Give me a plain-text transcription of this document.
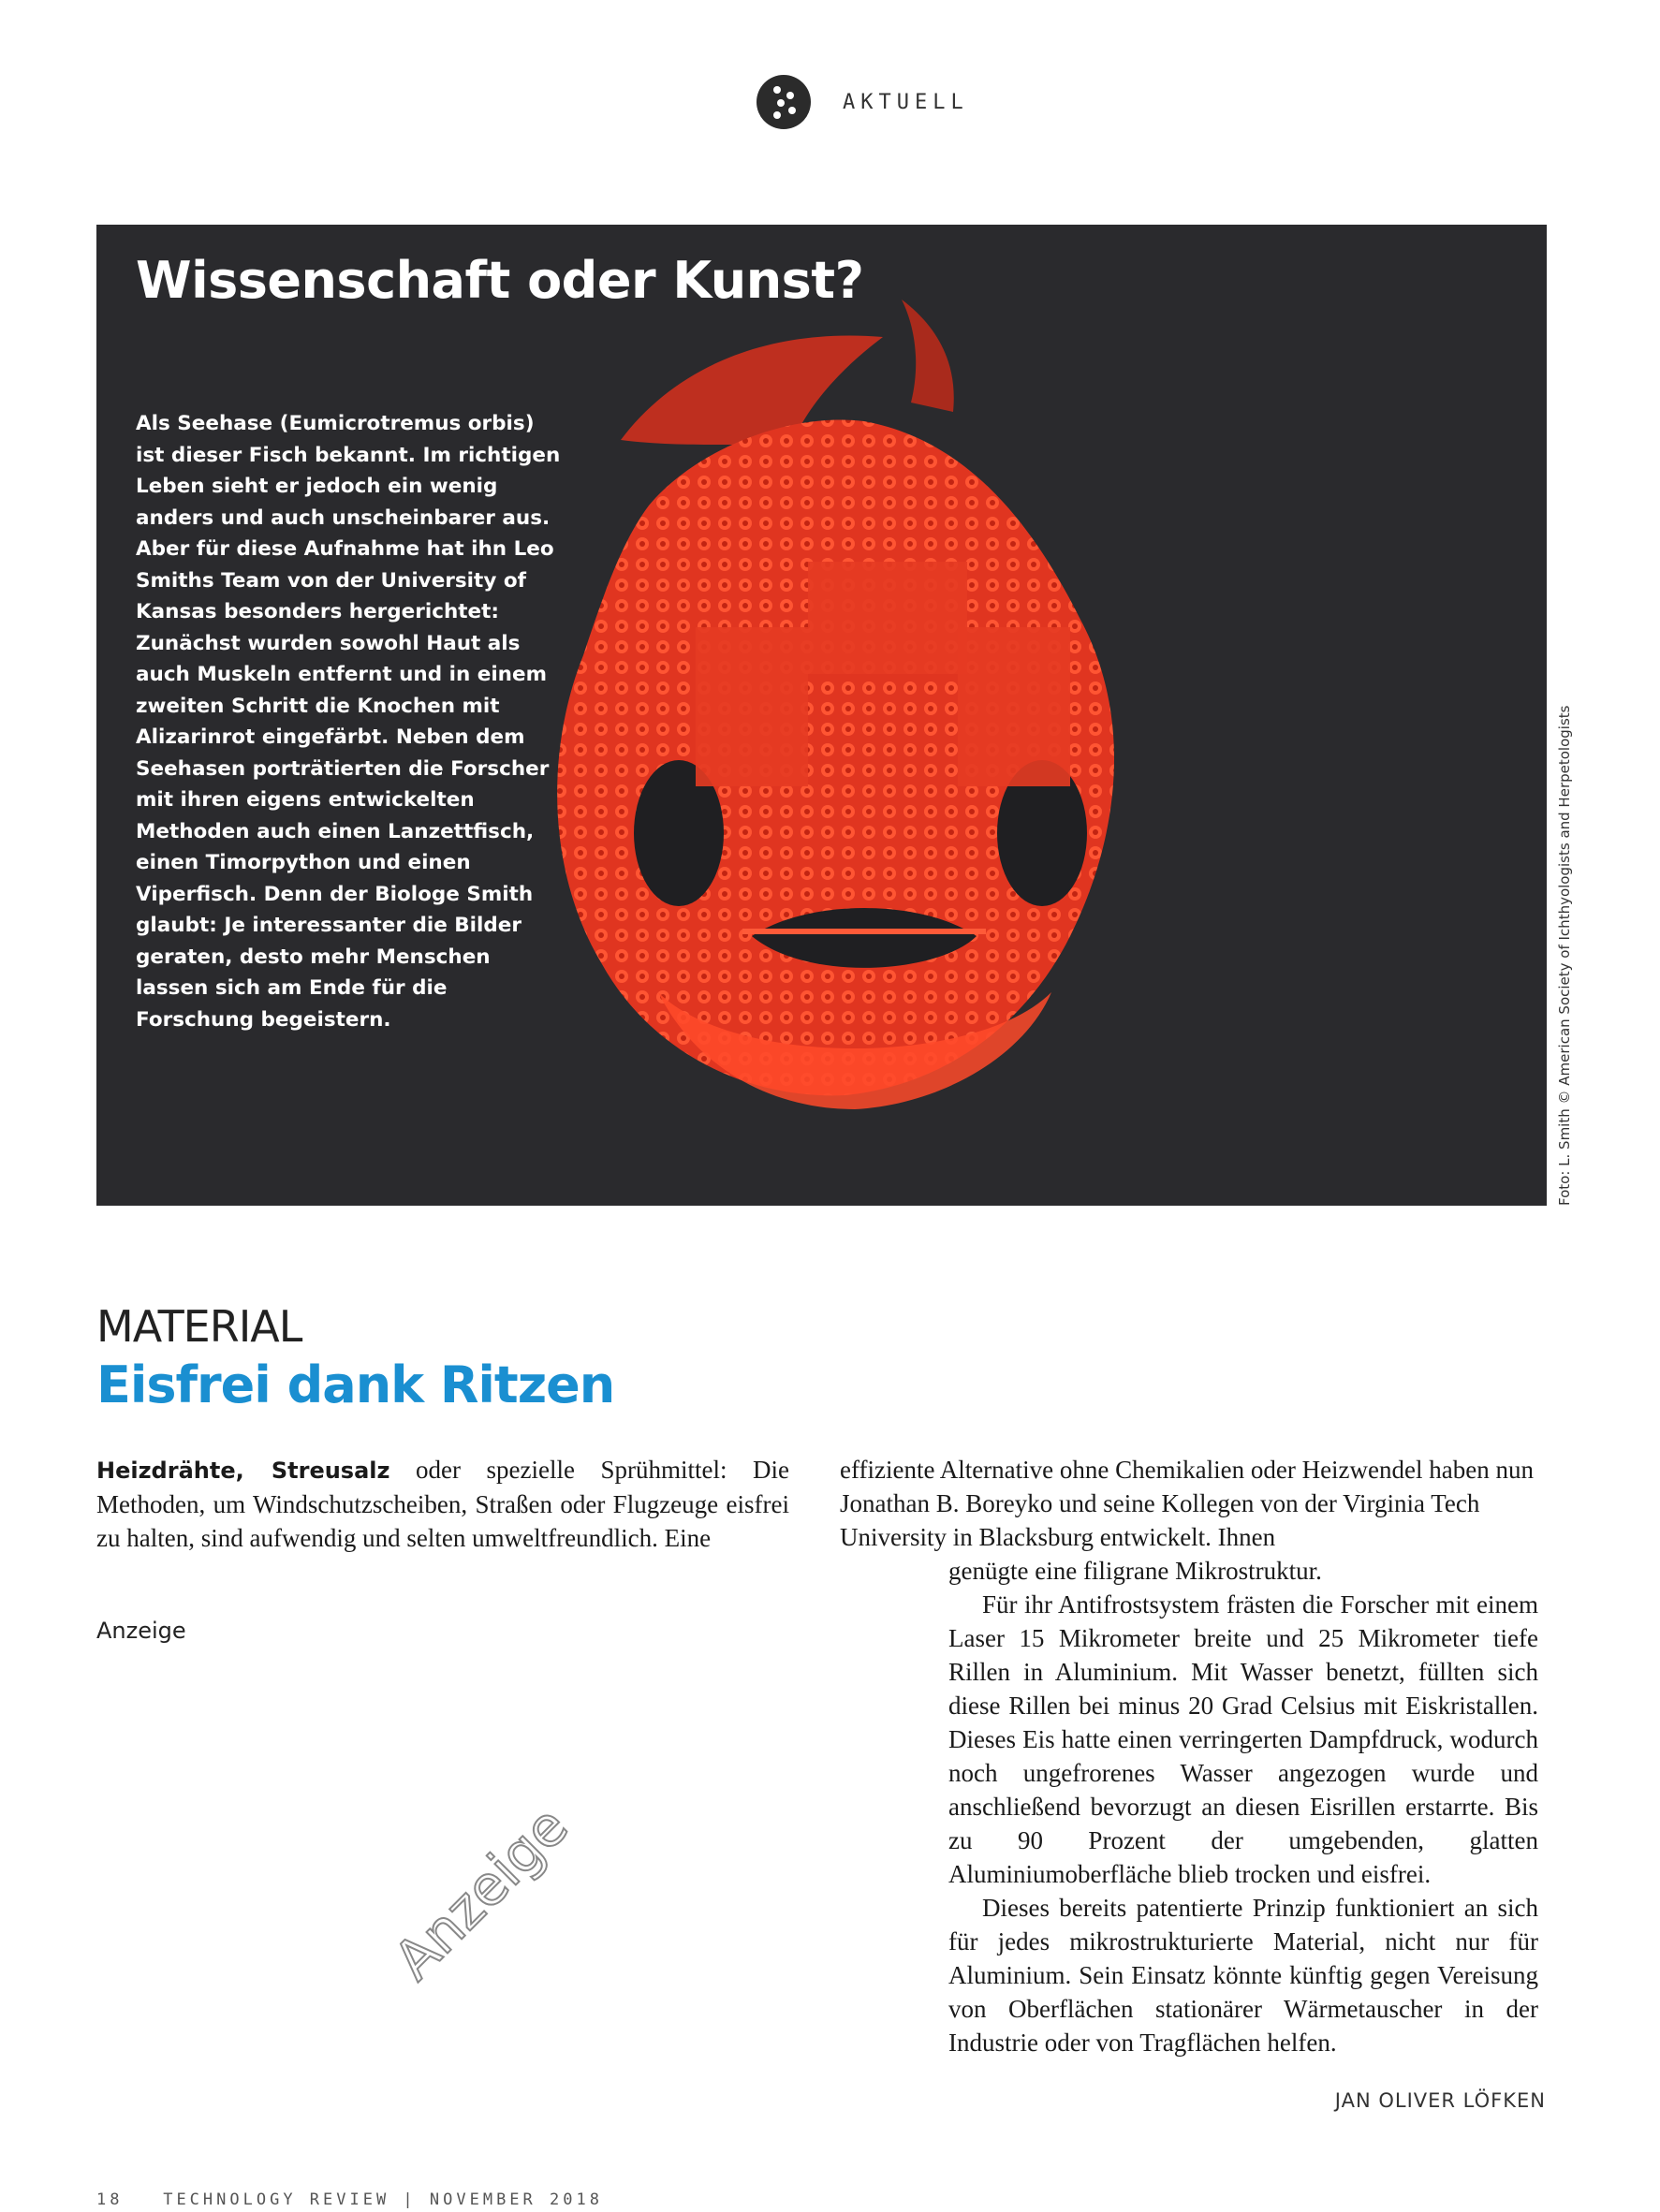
AKTUELL
Wissenschaft oder Kunst?

Als Seehase (Eumicrotremus orbis) ist dieser Fisch bekannt. Im richtigen Leben sieht er jedoch ein wenig anders und auch unscheinbarer aus. Aber für diese Aufnahme hat ihn Leo Smiths Team von der University of Kansas besonders hergerichtet: Zunächst wurden sowohl Haut als auch Muskeln entfernt und in einem zweiten Schritt die Knochen mit Alizarinrot eingefärbt. Neben dem Seehasen porträtierten die Forscher mit ihren eigens entwickelten Methoden auch einen Lanzettfisch, einen Timorpython und einen Viperfisch. Denn der Biologe Smith glaubt: Je interessanter die Bilder geraten, desto mehr Menschen lassen sich am Ende für die Forschung begeistern.	Foto: L. Smith © American Society of Ichthyologists and Herpetologists
MATERIAL
Eisfrei dank Ritzen

Heizdrähte, Streusalz oder spezielle Sprühmittel: Die Methoden, um Windschutzscheiben, Straßen oder Flugzeuge eisfrei zu halten, sind aufwendig und selten umweltfreundlich. Eine

effiziente Alternative ohne Chemikalien oder Heizwendel haben nun Jonathan B. Boreyko und seine Kollegen von der Virginia Tech University in Blacksburg entwickelt. Ihnen

genügte eine filigrane Mikrostruktur.
Für ihr Antifrostsystem frästen die Forscher mit einem Laser 15 Mikrometer breite und 25 Mikrometer tiefe Rillen in Aluminium. Mit Wasser benetzt, füllten sich diese Rillen bei minus 20 Grad Celsius mit Eiskristallen. Dieses Eis hatte einen verringerten Dampfdruck, wodurch noch ungefrorenes Wasser angezogen wurde und anschließend bevorzugt an diesen Eisrillen erstarrte. Bis zu 90 Prozent der umgebenden, glatten Aluminiumoberfläche blieb trocken und eisfrei.
Dieses bereits patentierte Prinzip funktioniert an sich für jedes mikrostrukturierte Material, nicht nur für Aluminium. Sein Einsatz könnte künftig gegen Vereisung von Oberflächen stationärer Wärmetauscher in der Industrie oder von Tragflächen helfen.
JAN OLIVER LÖFKEN
Anzeige
Anzeige
18	TECHNOLOGY REVIEW | NOVEMBER 2018
